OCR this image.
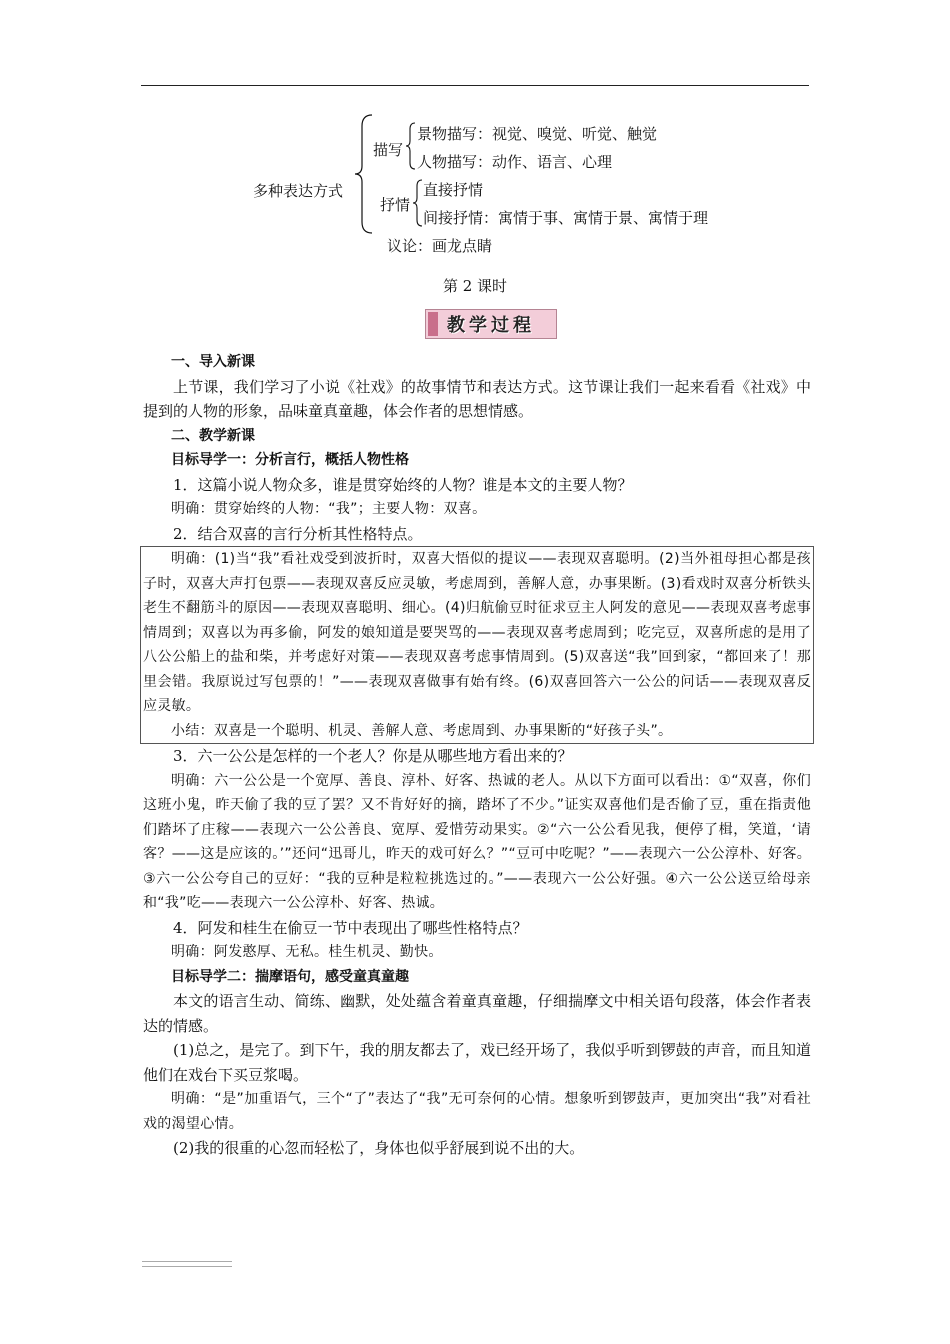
多种表达方式
描写
景物描写：视觉、嗅觉、听觉、触觉
人物描写：动作、语言、心理
抒情
直接抒情
间接抒情：寓情于事、寓情于景、寓情于理
议论：画龙点睛
第 2 课时
教学过程

一、导入新课

上节课，我们学习了小说《社戏》的故事情节和表达方式。这节课让我们一起来看看《社戏》中提到的人物的形象，品味童真童趣，体会作者的思想情感。

二、教学新课

目标导学一：分析言行，概括人物性格

1．这篇小说人物众多，谁是贯穿始终的人物？谁是本文的主要人物？

明确：贯穿始终的人物：“我”；主要人物：双喜。

2．结合双喜的言行分析其性格特点。

明确：(1)当“我”看社戏受到波折时，双喜大悟似的提议——表现双喜聪明。(2)当外祖母担心都是孩子时，双喜大声打包票——表现双喜反应灵敏，考虑周到，善解人意，办事果断。(3)看戏时双喜分析铁头老生不翻筋斗的原因——表现双喜聪明、细心。(4)归航偷豆时征求豆主人阿发的意见——表现双喜考虑事情周到；双喜以为再多偷，阿发的娘知道是要哭骂的——表现双喜考虑周到；吃完豆，双喜所虑的是用了八公公船上的盐和柴，并考虑好对策——表现双喜考虑事情周到。(5)双喜送“我”回到家，“都回来了！那里会错。我原说过写包票的！”——表现双喜做事有始有终。(6)双喜回答六一公公的问话——表现双喜反应灵敏。

小结：双喜是一个聪明、机灵、善解人意、考虑周到、办事果断的“好孩子头”。

3．六一公公是怎样的一个老人？你是从哪些地方看出来的？

明确：六一公公是一个宽厚、善良、淳朴、好客、热诚的老人。从以下方面可以看出：①“双喜，你们这班小鬼，昨天偷了我的豆了罢？又不肯好好的摘，踏坏了不少。”证实双喜他们是否偷了豆，重在指责他们踏坏了庄稼——表现六一公公善良、宽厚、爱惜劳动果实。②“六一公公看见我，便停了楫，笑道，‘请客？——这是应该的。’”还问“迅哥儿，昨天的戏可好么？”“豆可中吃呢？”——表现六一公公淳朴、好客。③六一公公夸自己的豆好：“我的豆种是粒粒挑选过的。”——表现六一公公好强。④六一公公送豆给母亲和“我”吃——表现六一公公淳朴、好客、热诚。

4．阿发和桂生在偷豆一节中表现出了哪些性格特点？

明确：阿发憨厚、无私。桂生机灵、勤快。

目标导学二：揣摩语句，感受童真童趣

本文的语言生动、简练、幽默，处处蕴含着童真童趣，仔细揣摩文中相关语句段落，体会作者表达的情感。

(1)总之，是完了。到下午，我的朋友都去了，戏已经开场了，我似乎听到锣鼓的声音，而且知道他们在戏台下买豆浆喝。

明确：“是”加重语气，三个“了”表达了“我”无可奈何的心情。想象听到锣鼓声，更加突出“我”对看社戏的渴望心情。

(2)我的很重的心忽而轻松了，身体也似乎舒展到说不出的大。
